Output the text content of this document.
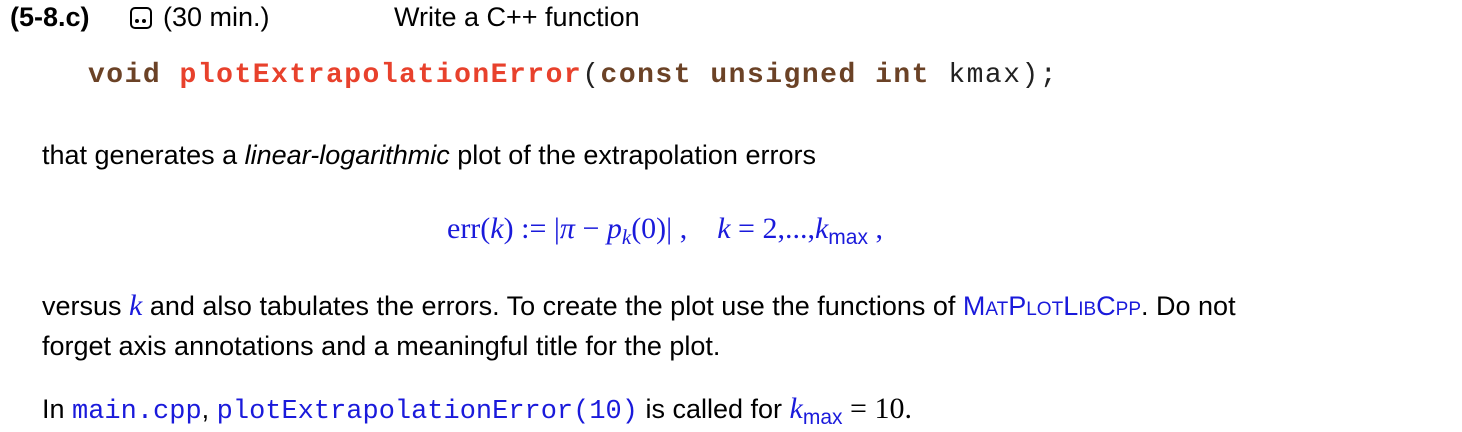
(5-8.c)	(30 min.)	Write a C++ function
void plotExtrapolationError(const unsigned int kmax);
that generates a linear-logarithmic plot of the extrapolation errors
err(k) := |π − pk(0)| , k = 2,...,kmax ,
versus k and also tabulates the errors. To create the plot use the functions of MatPlotLibCpp. Do not
forget axis annotations and a meaningful title for the plot.
In main.cpp, plotExtrapolationError(10) is called for $k_{max} = 10$.
